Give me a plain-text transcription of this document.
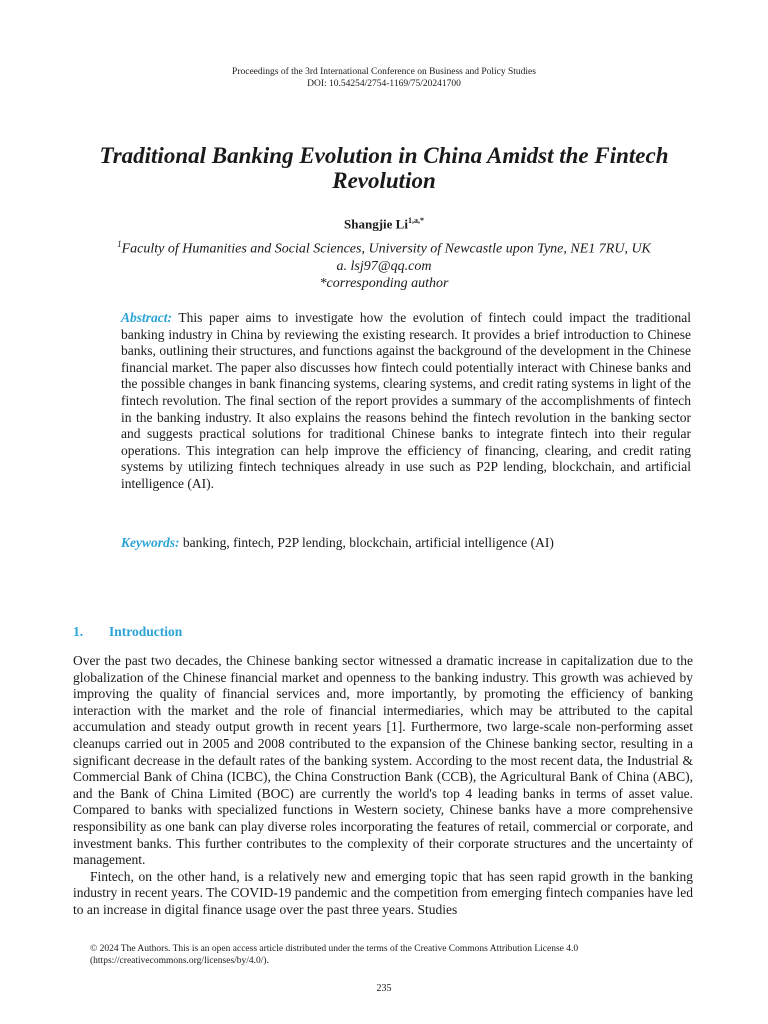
Proceedings of the 3rd International Conference on Business and Policy Studies
DOI: 10.54254/2754-1169/75/20241700
Traditional Banking Evolution in China Amidst the Fintech Revolution
Shangjie $Li^{1,a,*}$
$^1$Faculty of Humanities and Social Sciences, University of Newcastle upon Tyne, NE1 7RU, UK
a. lsj97@qq.com
*corresponding author
Abstract: This paper aims to investigate how the evolution of fintech could impact the traditional banking industry in China by reviewing the existing research. It provides a brief introduction to Chinese banks, outlining their structures, and functions against the background of the development in the Chinese financial market. The paper also discusses how fintech could potentially interact with Chinese banks and the possible changes in bank financing systems, clearing systems, and credit rating systems in light of the fintech revolution. The final section of the report provides a summary of the accomplishments of fintech in the banking industry. It also explains the reasons behind the fintech revolution in the banking sector and suggests practical solutions for traditional Chinese banks to integrate fintech into their regular operations. This integration can help improve the efficiency of financing, clearing, and credit rating systems by utilizing fintech techniques already in use such as P2P lending, blockchain, and artificial intelligence (AI).
Keywords: banking, fintech, P2P lending, blockchain, artificial intelligence (AI)
1. Introduction

Over the past two decades, the Chinese banking sector witnessed a dramatic increase in capitalization due to the globalization of the Chinese financial market and openness to the banking industry. This growth was achieved by improving the quality of financial services and, more importantly, by promoting the efficiency of banking interaction with the market and the role of financial intermediaries, which may be attributed to the capital accumulation and steady output growth in recent years [1]. Furthermore, two large-scale non-performing asset cleanups carried out in 2005 and 2008 contributed to the expansion of the Chinese banking sector, resulting in a significant decrease in the default rates of the banking system. According to the most recent data, the Industrial & Commercial Bank of China (ICBC), the China Construction Bank (CCB), the Agricultural Bank of China (ABC), and the Bank of China Limited (BOC) are currently the world's top 4 leading banks in terms of asset value. Compared to banks with specialized functions in Western society, Chinese banks have a more comprehensive responsibility as one bank can play diverse roles incorporating the features of retail, commercial or corporate, and investment banks. This further contributes to the complexity of their corporate structures and the uncertainty of management.

Fintech, on the other hand, is a relatively new and emerging topic that has seen rapid growth in the banking industry in recent years. The COVID-19 pandemic and the competition from emerging fintech companies have led to an increase in digital finance usage over the past three years. Studies

© 2024 The Authors. This is an open access article distributed under the terms of the Creative Commons Attribution License 4.0
(https://creativecommons.org/licenses/by/4.0/).
235
